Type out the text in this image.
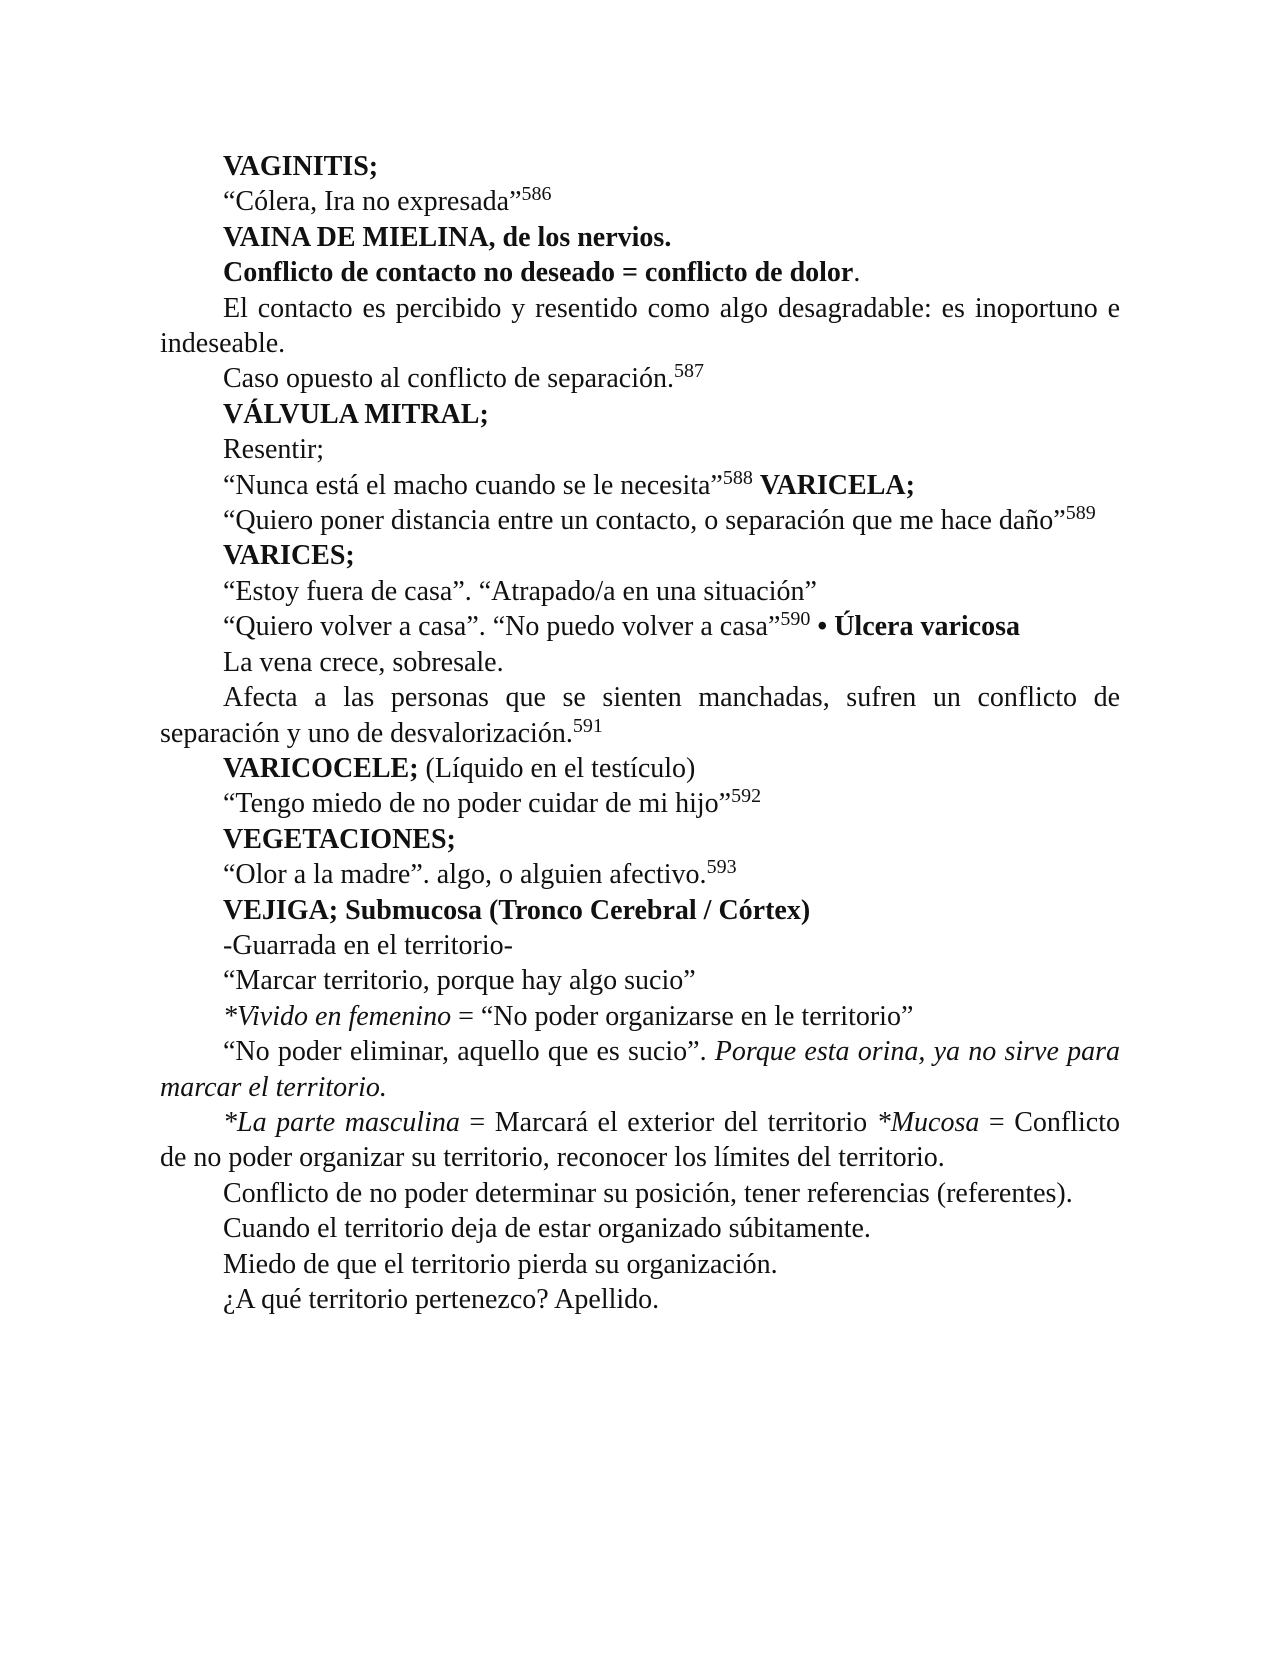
VAGINITIS;

“Cólera, Ira no expresada”$^{586}$

VAINA DE MIELINA, de los nervios.

Conflicto de contacto no deseado = conflicto de dolor.

El contacto es percibido y resentido como algo desagradable: es inoportuno e indeseable.

Caso opuesto al conflicto de separación.$^{587}$

VÁLVULA MITRAL;

Resentir;

“Nunca está el macho cuando se le necesita”$^{588}$ VARICELA;

“Quiero poner distancia entre un contacto, o separación que me hace daño”$^{589}$

VARICES;

“Estoy fuera de casa”. “Atrapado/a en una situación”

“Quiero volver a casa”. “No puedo volver a casa”$^{590}$ • Úlcera varicosa

La vena crece, sobresale.

Afecta a las personas que se sienten manchadas, sufren un conflicto de separación y uno de desvalorización.$^{591}$

VARICOCELE; (Líquido en el testículo)

“Tengo miedo de no poder cuidar de mi hijo”$^{592}$

VEGETACIONES;

“Olor a la madre”. algo, o alguien afectivo.$^{593}$

VEJIGA; Submucosa (Tronco Cerebral / Córtex)

-Guarrada en el territorio-

“Marcar territorio, porque hay algo sucio”

*Vivido en femenino = “No poder organizarse en le territorio”

“No poder eliminar, aquello que es sucio”. Porque esta orina, ya no sirve para marcar el territorio.

*La parte masculina = Marcará el exterior del territorio *Mucosa = Conflicto de no poder organizar su territorio, reconocer los límites del territorio.

Conflicto de no poder determinar su posición, tener referencias (referentes).

Cuando el territorio deja de estar organizado súbitamente.

Miedo de que el territorio pierda su organización.

¿A qué territorio pertenezco? Apellido.
